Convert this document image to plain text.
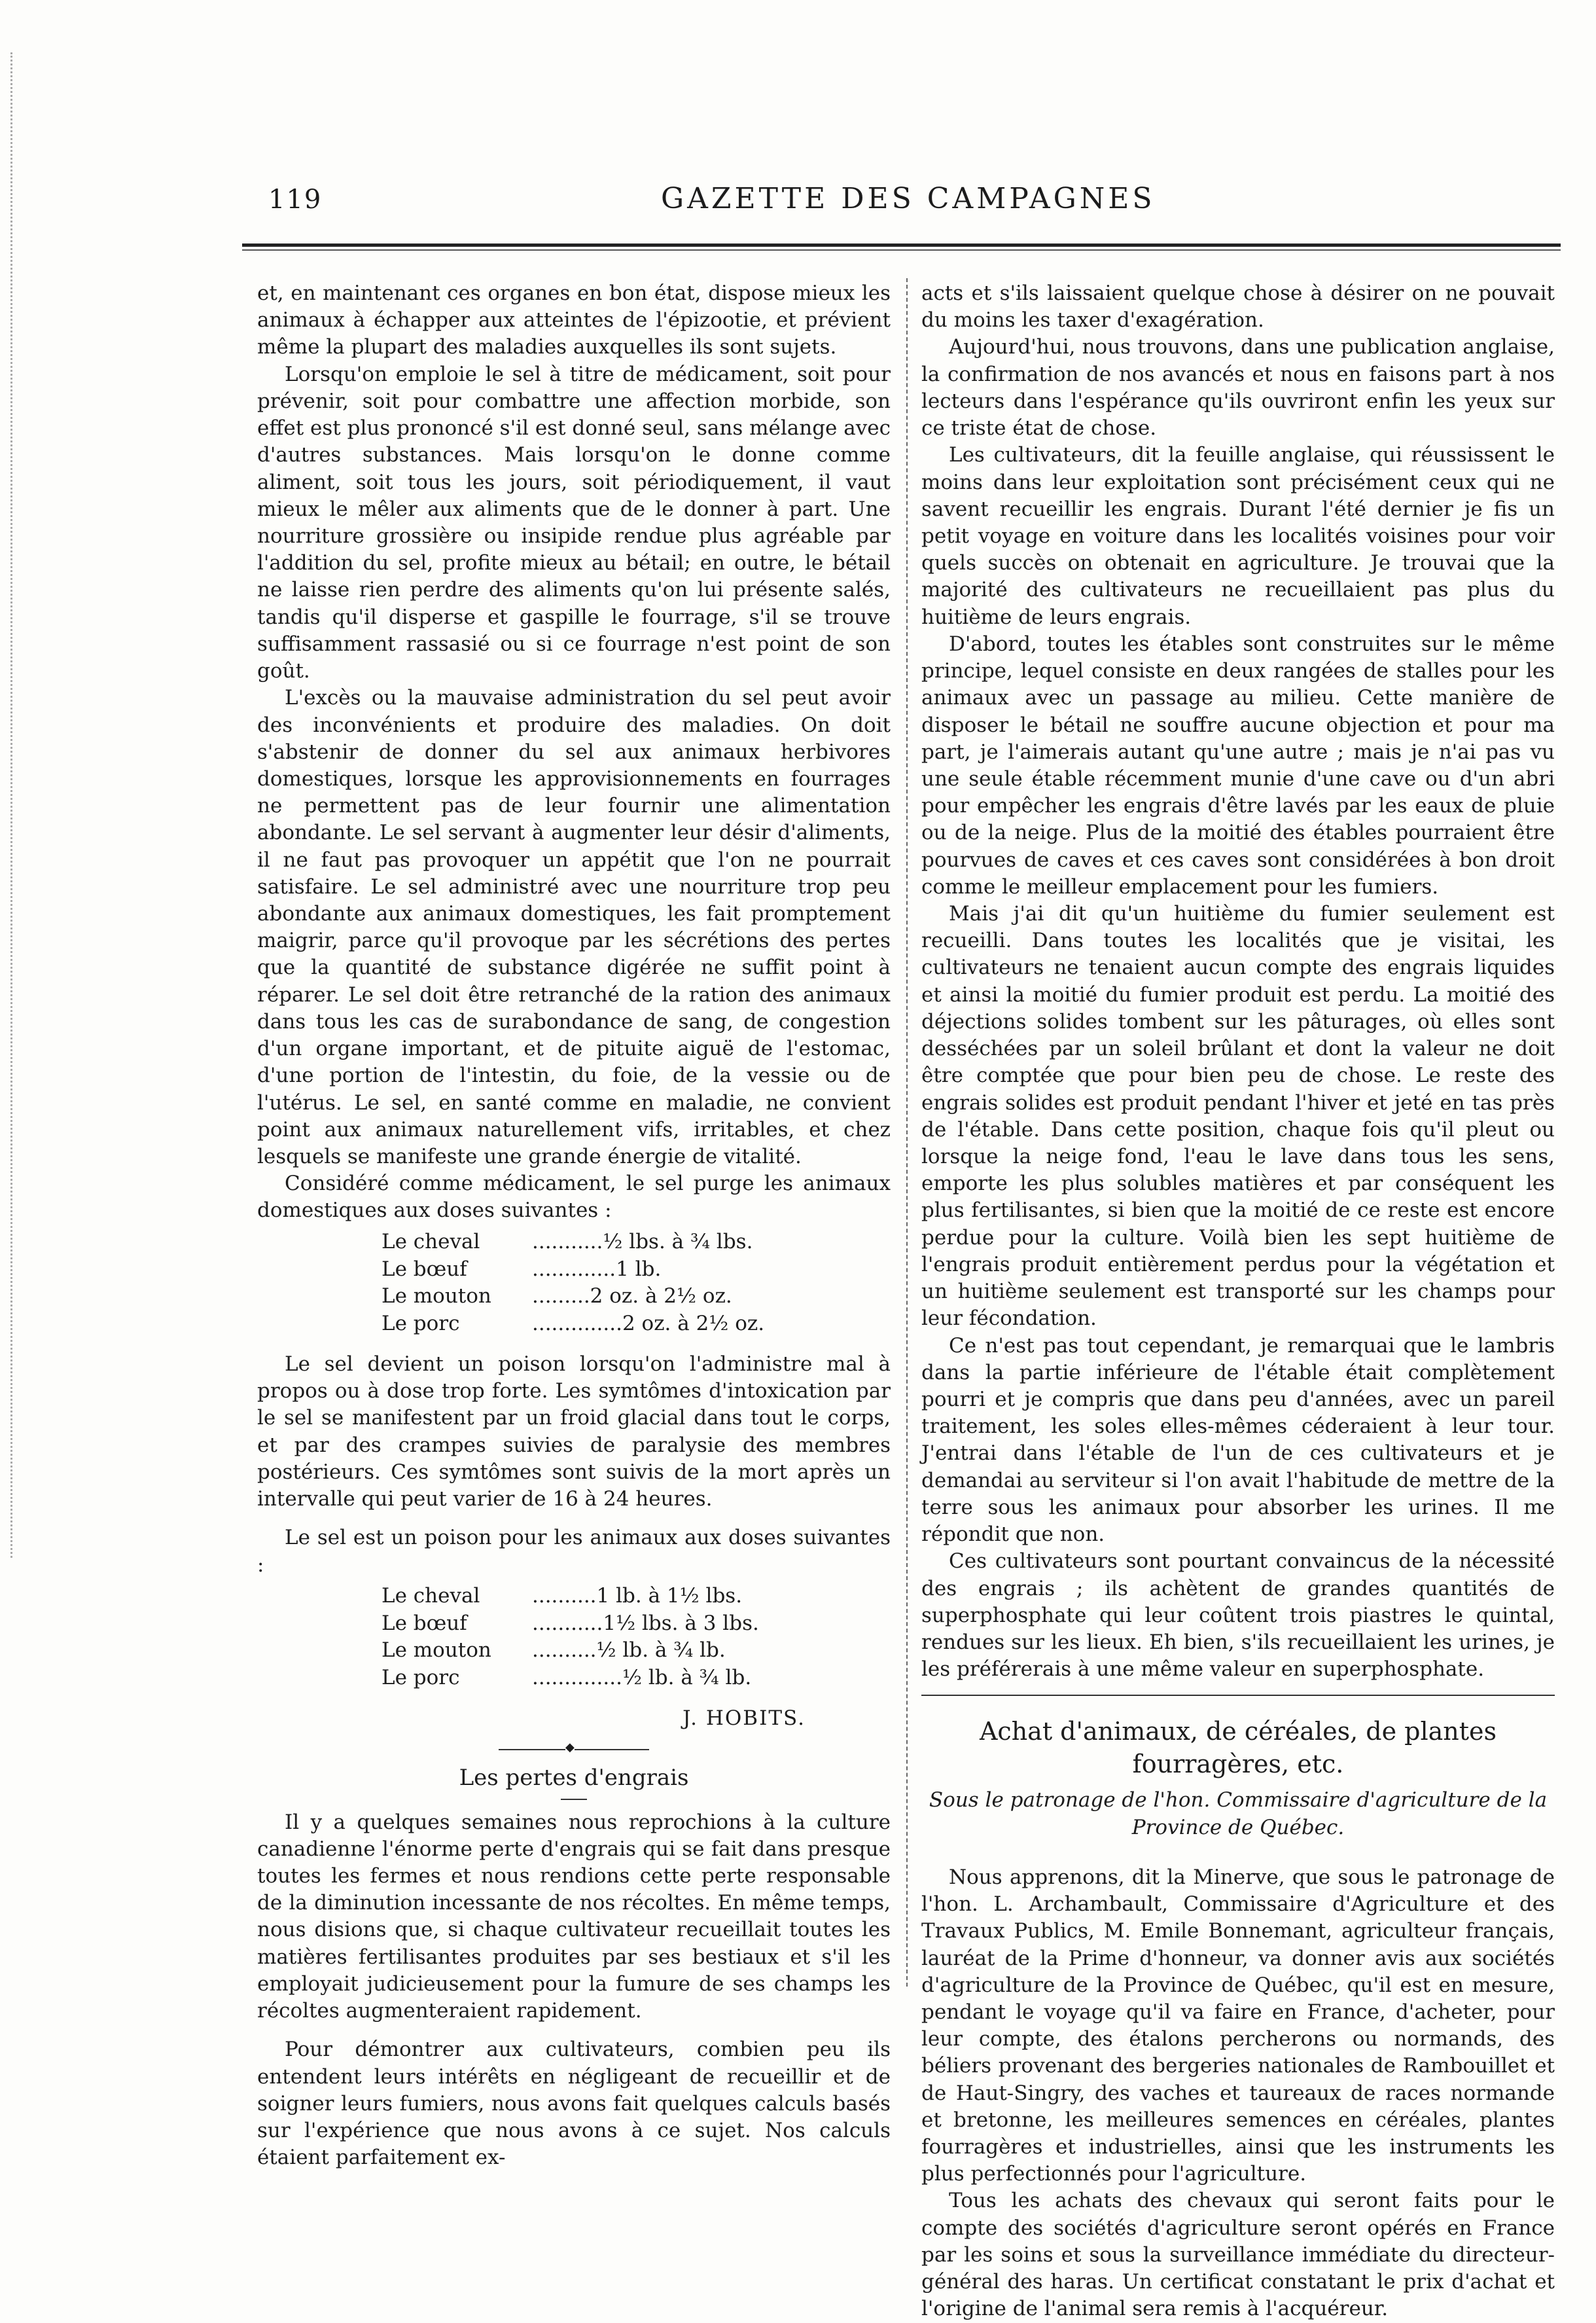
119	GAZETTE DES CAMPAGNES

et, en maintenant ces organes en bon état, dispose mieux les animaux à échapper aux atteintes de l'épizootie, et prévient même la plupart des maladies auxquelles ils sont sujets.

Lorsqu'on emploie le sel à titre de médicament, soit pour prévenir, soit pour combattre une affection morbide, son effet est plus prononcé s'il est donné seul, sans mélange avec d'autres substances. Mais lorsqu'on le donne comme aliment, soit tous les jours, soit périodiquement, il vaut mieux le mêler aux aliments que de le donner à part. Une nourriture grossière ou insipide rendue plus agréable par l'addition du sel, profite mieux au bétail; en outre, le bétail ne laisse rien perdre des aliments qu'on lui présente salés, tandis qu'il disperse et gaspille le fourrage, s'il se trouve suffisamment rassasié ou si ce fourrage n'est point de son goût.

L'excès ou la mauvaise administration du sel peut avoir des inconvénients et produire des maladies. On doit s'abstenir de donner du sel aux animaux herbivores domestiques, lorsque les approvisionnements en fourrages ne permettent pas de leur fournir une alimentation abondante. Le sel servant à augmenter leur désir d'aliments, il ne faut pas provoquer un appétit que l'on ne pourrait satisfaire. Le sel administré avec une nourriture trop peu abondante aux animaux domestiques, les fait promptement maigrir, parce qu'il provoque par les sécrétions des pertes que la quantité de substance digérée ne suffit point à réparer. Le sel doit être retranché de la ration des animaux dans tous les cas de surabondance de sang, de congestion d'un organe important, et de pituite aiguë de l'estomac, d'une portion de l'intestin, du foie, de la vessie ou de l'utérus. Le sel, en santé comme en maladie, ne convient point aux animaux naturellement vifs, irritables, et chez lesquels se manifeste une grande énergie de vitalité.

Considéré comme médicament, le sel purge les animaux domestiques aux doses suivantes :

Le cheval	...........½ lbs. à ¾ lbs.
Le bœuf	.............1 lb.
Le mouton	.........2 oz. à 2½ oz.
Le porc	..............2 oz. à 2½ oz.

Le sel devient un poison lorsqu'on l'administre mal à propos ou à dose trop forte. Les symtômes d'intoxication par le sel se manifestent par un froid glacial dans tout le corps, et par des crampes suivies de paralysie des membres postérieurs. Ces symtômes sont suivis de la mort après un intervalle qui peut varier de 16 à 24 heures.

Le sel est un poison pour les animaux aux doses suivantes :

Le cheval	..........1 lb. à 1½ lbs.
Le bœuf	...........1½ lbs. à 3 lbs.
Le mouton	..........½ lb. à ¾ lb.
Le porc	..............½ lb. à ¾ lb.

J. HOBITS.

◆
Les pertes d'engrais

Il y a quelques semaines nous reprochions à la culture canadienne l'énorme perte d'engrais qui se fait dans presque toutes les fermes et nous rendions cette perte responsable de la diminution incessante de nos récoltes. En même temps, nous disions que, si chaque cultivateur recueillait toutes les matières fertilisantes produites par ses bestiaux et s'il les employait judicieusement pour la fumure de ses champs les récoltes augmenteraient rapidement.

Pour démontrer aux cultivateurs, combien peu ils entendent leurs intérêts en négligeant de recueillir et de soigner leurs fumiers, nous avons fait quelques calculs basés sur l'expérience que nous avons à ce sujet. Nos calculs étaient parfaitement ex-

acts et s'ils laissaient quelque chose à désirer on ne pouvait du moins les taxer d'exagération.

Aujourd'hui, nous trouvons, dans une publication anglaise, la confirmation de nos avancés et nous en faisons part à nos lecteurs dans l'espérance qu'ils ouvriront enfin les yeux sur ce triste état de chose.

Les cultivateurs, dit la feuille anglaise, qui réussissent le moins dans leur exploitation sont précisément ceux qui ne savent recueillir les engrais. Durant l'été dernier je fis un petit voyage en voiture dans les localités voisines pour voir quels succès on obtenait en agriculture. Je trouvai que la majorité des cultivateurs ne recueillaient pas plus du huitième de leurs engrais.

D'abord, toutes les étables sont construites sur le même principe, lequel consiste en deux rangées de stalles pour les animaux avec un passage au milieu. Cette manière de disposer le bétail ne souffre aucune objection et pour ma part, je l'aimerais autant qu'une autre ; mais je n'ai pas vu une seule étable récemment munie d'une cave ou d'un abri pour empêcher les engrais d'être lavés par les eaux de pluie ou de la neige. Plus de la moitié des étables pourraient être pourvues de caves et ces caves sont considérées à bon droit comme le meilleur emplacement pour les fumiers.

Mais j'ai dit qu'un huitième du fumier seulement est recueilli. Dans toutes les localités que je visitai, les cultivateurs ne tenaient aucun compte des engrais liquides et ainsi la moitié du fumier produit est perdu. La moitié des déjections solides tombent sur les pâturages, où elles sont desséchées par un soleil brûlant et dont la valeur ne doit être comptée que pour bien peu de chose. Le reste des engrais solides est produit pendant l'hiver et jeté en tas près de l'étable. Dans cette position, chaque fois qu'il pleut ou lorsque la neige fond, l'eau le lave dans tous les sens, emporte les plus solubles matières et par conséquent les plus fertilisantes, si bien que la moitié de ce reste est encore perdue pour la culture. Voilà bien les sept huitième de l'engrais produit entièrement perdus pour la végétation et un huitième seulement est transporté sur les champs pour leur fécondation.

Ce n'est pas tout cependant, je remarquai que le lambris dans la partie inférieure de l'étable était complètement pourri et je compris que dans peu d'années, avec un pareil traitement, les soles elles-mêmes céderaient à leur tour. J'entrai dans l'étable de l'un de ces cultivateurs et je demandai au serviteur si l'on avait l'habitude de mettre de la terre sous les animaux pour absorber les urines. Il me répondit que non.

Ces cultivateurs sont pourtant convaincus de la nécessité des engrais ; ils achètent de grandes quantités de superphosphate qui leur coûtent trois piastres le quintal, rendues sur les lieux. Eh bien, s'ils recueillaient les urines, je les préférerais à une même valeur en superphosphate.

Achat d'animaux, de céréales, de plantes fourragères, etc.

Sous le patronage de l'hon. Commissaire d'agriculture de la Province de Québec.

Nous apprenons, dit la Minerve, que sous le patronage de l'hon. L. Archambault, Commissaire d'Agriculture et des Travaux Publics, M. Emile Bonnemant, agriculteur français, lauréat de la Prime d'honneur, va donner avis aux sociétés d'agriculture de la Province de Québec, qu'il est en mesure, pendant le voyage qu'il va faire en France, d'acheter, pour leur compte, des étalons percherons ou normands, des béliers provenant des bergeries nationales de Rambouillet et de Haut-Singry, des vaches et taureaux de races normande et bretonne, les meilleures semences en céréales, plantes fourragères et industrielles, ainsi que les instruments les plus perfectionnés pour l'agriculture.

Tous les achats des chevaux qui seront faits pour le compte des sociétés d'agriculture seront opérés en France par les soins et sous la surveillance immédiate du directeur-général des haras. Un certificat constatant le prix d'achat et l'origine de l'animal sera remis à l'acquéreur.
